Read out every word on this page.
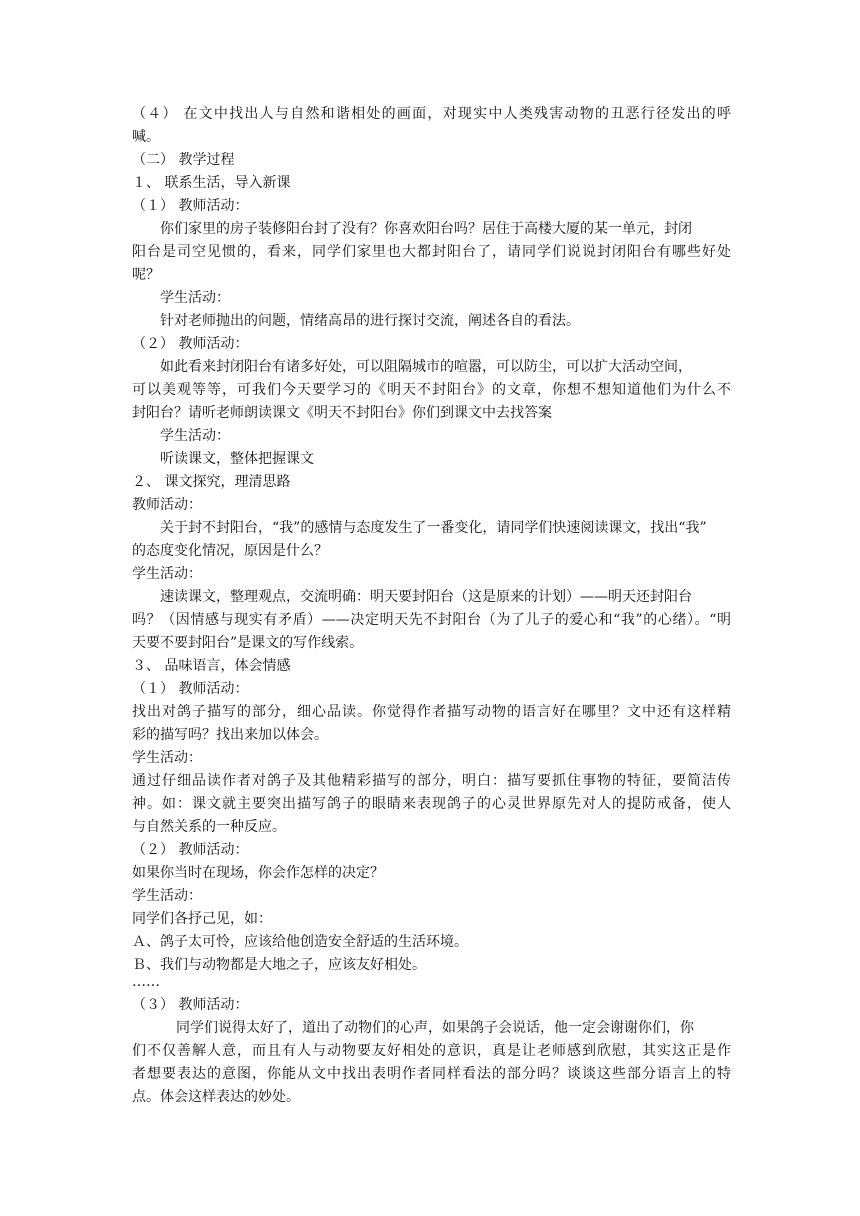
（４） 在文中找出人与自然和谐相处的画面，对现实中人类残害动物的丑恶行径发出的呼
喊。
（二） 教学过程
１、 联系生活，导入新课
（１） 教师活动：
你们家里的房子装修阳台封了没有？你喜欢阳台吗？居住于高楼大厦的某一单元，封闭
阳台是司空见惯的，看来，同学们家里也大都封阳台了，请同学们说说封闭阳台有哪些好处
呢？
学生活动：
针对老师抛出的问题，情绪高昂的进行探讨交流，阐述各自的看法。
（２） 教师活动：
如此看来封闭阳台有诸多好处，可以阻隔城市的喧嚣，可以防尘，可以扩大活动空间，
可以美观等等，可我们今天要学习的《明天不封阳台》的文章，你想不想知道他们为什么不
封阳台？请听老师朗读课文《明天不封阳台》你们到课文中去找答案
学生活动：
听读课文，整体把握课文
２、 课文探究，理清思路
教师活动：
关于封不封阳台，“我”的感情与态度发生了一番变化，请同学们快速阅读课文，找出“我”
的态度变化情况，原因是什么？
学生活动：
速读课文，整理观点，交流明确：明天要封阳台（这是原来的计划）——明天还封阳台
吗？（因情感与现实有矛盾）——决定明天先不封阳台（为了儿子的爱心和“我”的心绪）。“明
天要不要封阳台”是课文的写作线索。
３、 品味语言，体会情感
（１） 教师活动：
找出对鸽子描写的部分，细心品读。你觉得作者描写动物的语言好在哪里？文中还有这样精
彩的描写吗？找出来加以体会。
学生活动：
通过仔细品读作者对鸽子及其他精彩描写的部分，明白：描写要抓住事物的特征，要简洁传
神。如：课文就主要突出描写鸽子的眼睛来表现鸽子的心灵世界原先对人的提防戒备，使人
与自然关系的一种反应。
（２） 教师活动：
如果你当时在现场，你会作怎样的决定？
学生活动：
同学们各抒己见，如：
Ａ、鸽子太可怜，应该给他创造安全舒适的生活环境。
Ｂ、我们与动物都是大地之子，应该友好相处。
……
（３） 教师活动：
同学们说得太好了，道出了动物们的心声，如果鸽子会说话，他一定会谢谢你们，你
们不仅善解人意，而且有人与动物要友好相处的意识，真是让老师感到欣慰，其实这正是作
者想要表达的意图，你能从文中找出表明作者同样看法的部分吗？谈谈这些部分语言上的特
点。体会这样表达的妙处。
